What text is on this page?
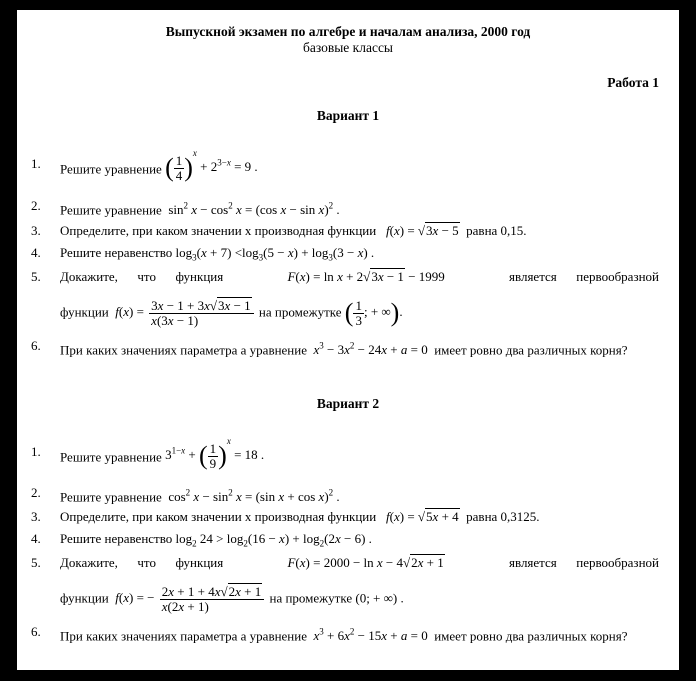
Выпускной экзамен по алгебре и началам анализа, 2000 год
базовые классы
Работа 1
Вариант 1
1. Решите уравнение ( $\frac{1}{4} )^x + 2^{3-x} = 9$ .
2. Решите уравнение  $\sin^2 x - \cos^2 x = (\cos$ x − sin x)$^2$ .
3. Определите, при каком значении x производная функции f(x) = √3x − 5 равна 0,15.
4. Решите неравенство $\log_3(x + 7) <\log_3(5 - x) + \log_3(3 - x)$ .
5. Докажите,      что      функция	F(x) = ln x + 2√3x − 1 − 1999	является      первообразной
функции $f(x) = \frac{3x - 1 + 3x√3x - 1}{x(3x - 1)}$ на промежутке ( $\frac{1}{3}$ ; + ∞).
6. При каких значениях параметра a уравнение $x^3 - 3x^2 - 24x + a = 0$  имеет ровно два различных корня?
Вариант 2
1. Решите уравнение $3^{1-x}$ + ( $\frac{1}{9} )^x = 18$ .
2. Решите уравнение  $\cos^2 x - \sin^2 x = (\sin$ x + cos x)$^2$ .
3. Определите, при каком значении x производная функции f(x) = √5x + 4 равна 0,3125.
4. Решите неравенство $\log_2 24 > \log_2(16 - x) + \log_2(2x - 6)$ .
5. Докажите,      что      функция	F(x) = 2000 − ln x − 4√2x + 1	является      первообразной
функции f(x) = − $\frac{2x + 1 + 4x√2x + 1}{x(2x + 1)}$ на промежутке (0; + ∞) .
6. При каких значениях параметра a уравнение $x^3 + 6x^2 - 15x + a = 0$  имеет ровно два различных корня?
